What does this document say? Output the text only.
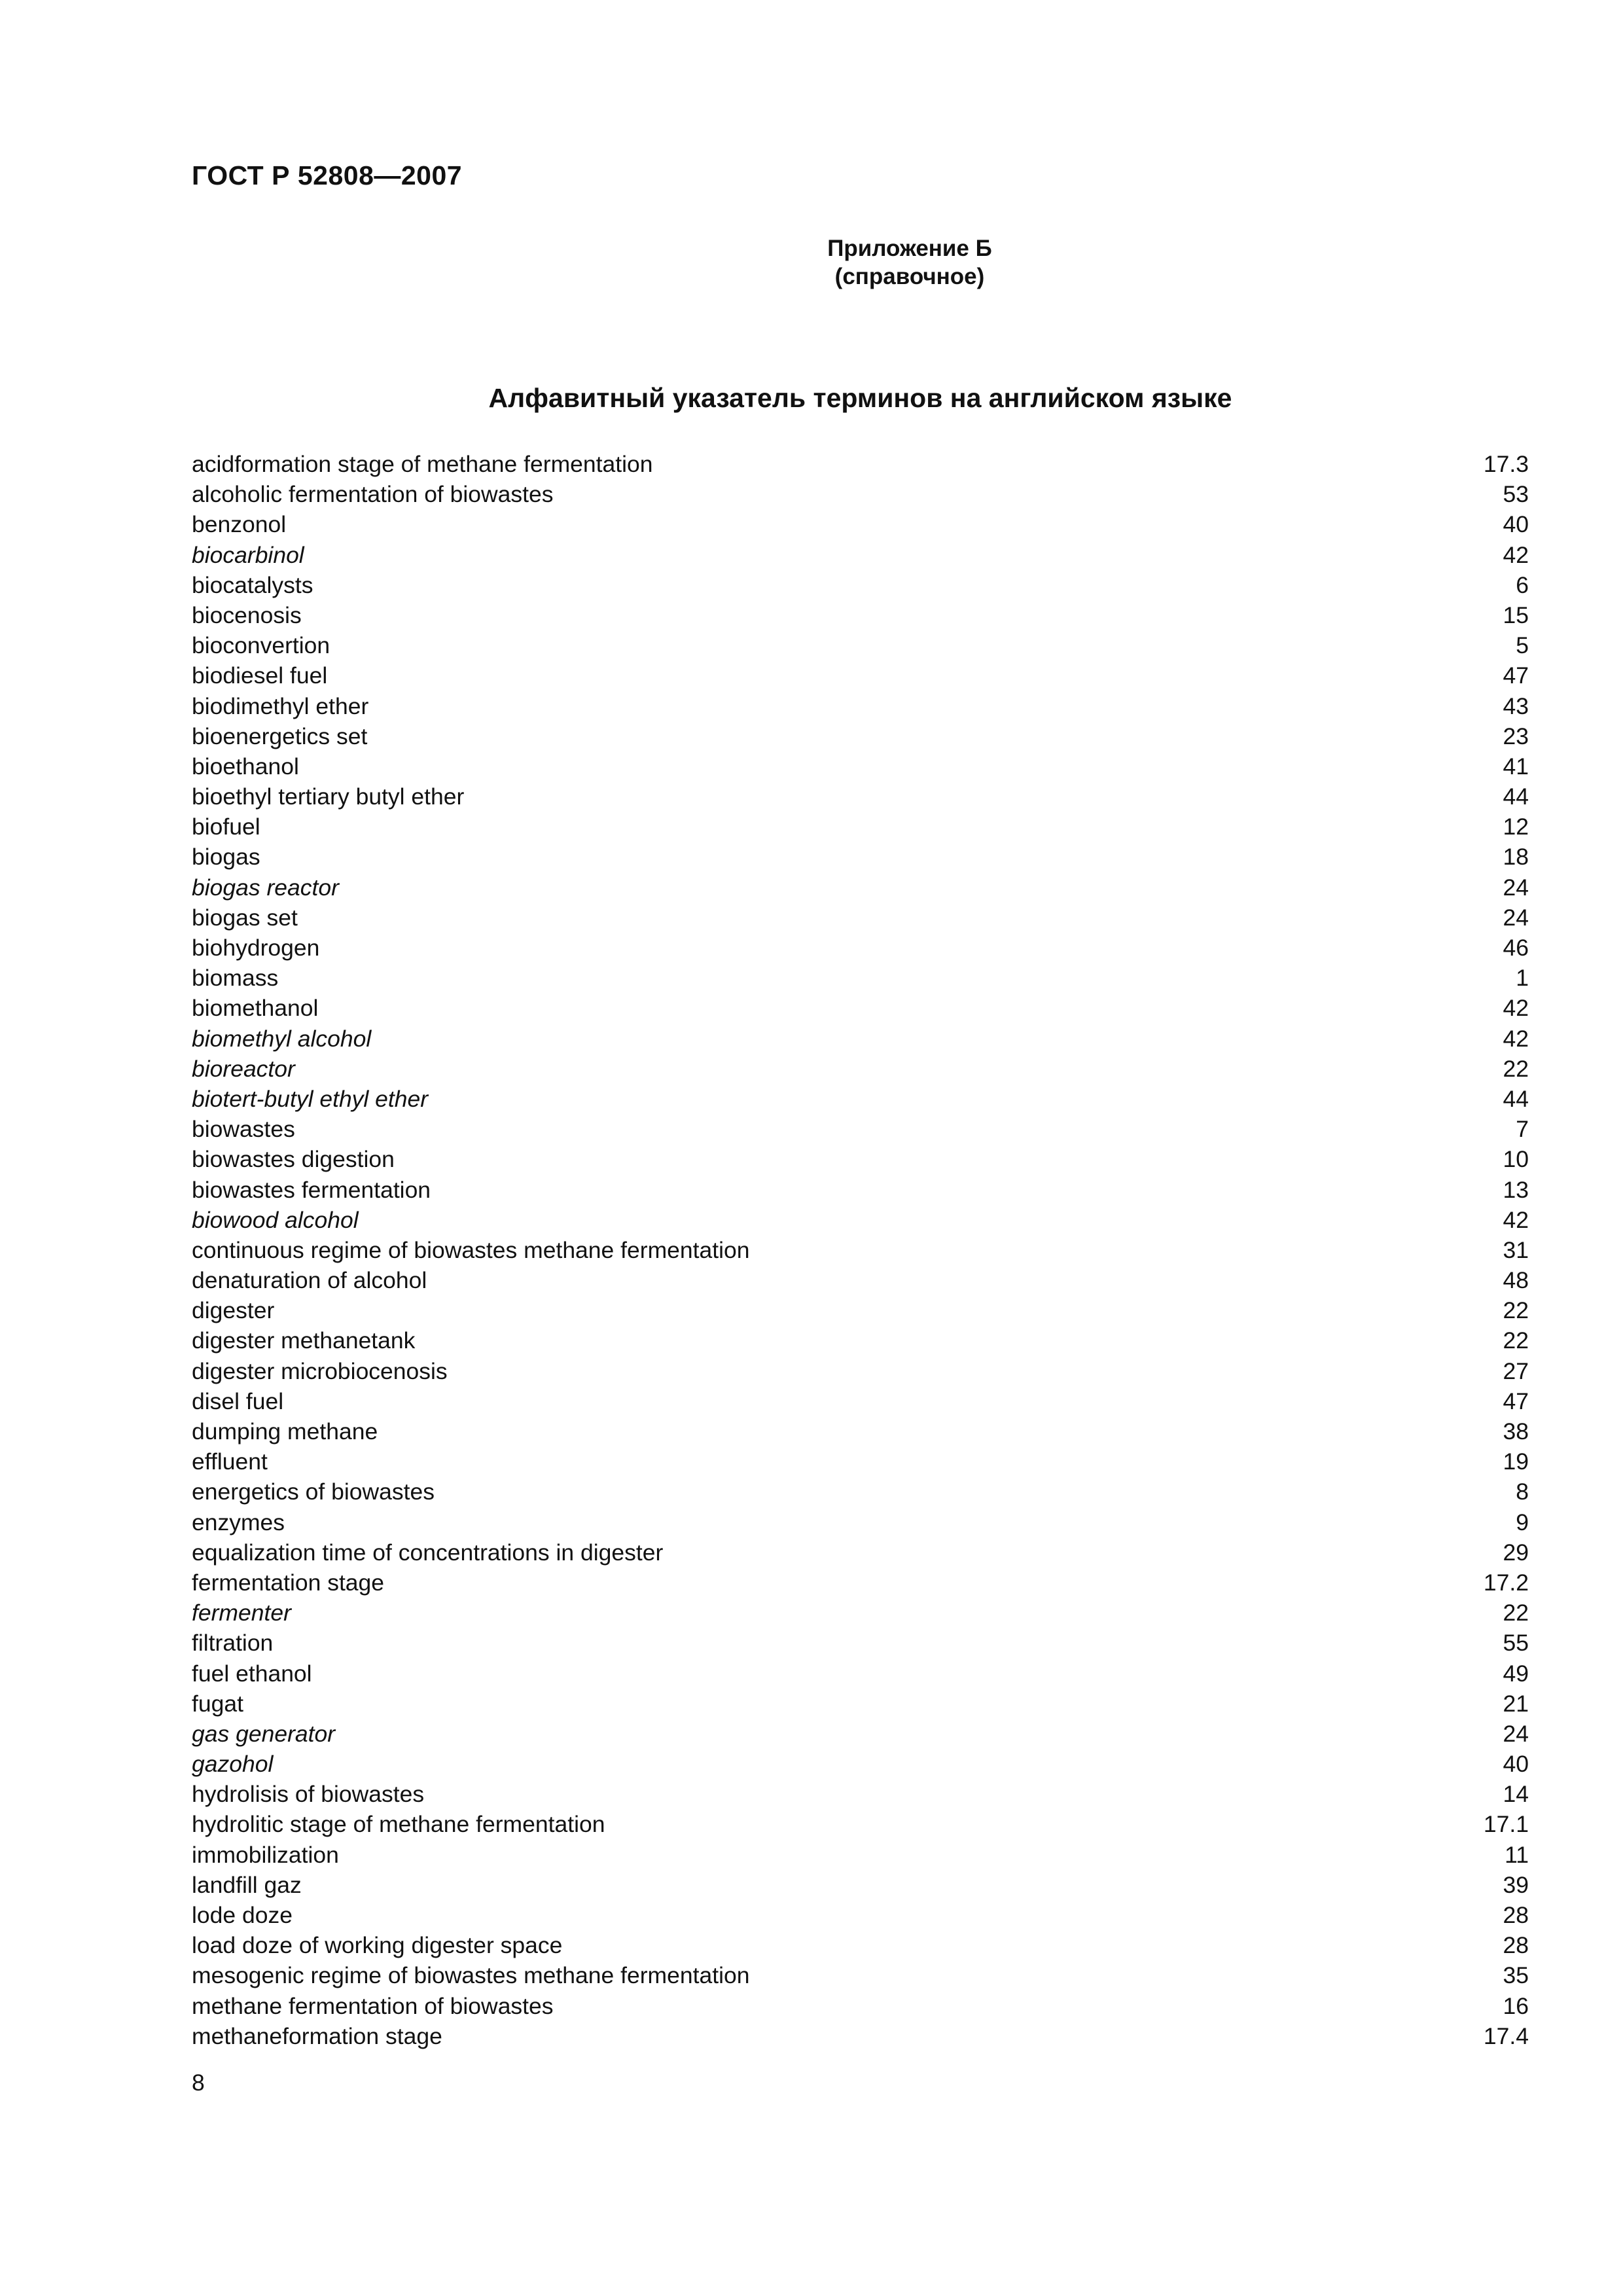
ГОСТ Р 52808—2007
Приложение Б
(справочное)
Алфавитный указатель терминов на английском языке
acidformation stage of methane fermentation	17.3
alcoholic fermentation of biowastes	53
benzonol	40
biocarbinol	42
biocatalysts	6
biocenosis	15
bioconvertion	5
biodiesel fuel	47
biodimethyl ether	43
bioenergetics set	23
bioethanol	41
bioethyl tertiary butyl ether	44
biofuel	12
biogas	18
biogas reactor	24
biogas set	24
biohydrogen	46
biomass	1
biomethanol	42
biomethyl alcohol	42
bioreactor	22
biotert-butyl ethyl ether	44
biowastes	7
biowastes digestion	10
biowastes fermentation	13
biowood alcohol	42
continuous regime of biowastes methane fermentation	31
denaturation of alcohol	48
digester	22
digester methanetank	22
digester microbiocenosis	27
disel fuel	47
dumping methane	38
effluent	19
energetics of biowastes	8
enzymes	9
equalization time of concentrations in digester	29
fermentation stage	17.2
fermenter	22
filtration	55
fuel ethanol	49
fugat	21
gas generator	24
gazohol	40
hydrolisis of biowastes	14
hydrolitic stage of methane fermentation	17.1
immobilization	11
landfill gaz	39
lode doze	28
load doze of working digester space	28
mesogenic regime of biowastes methane fermentation	35
methane fermentation of biowastes	16
methaneformation stage	17.4
8
